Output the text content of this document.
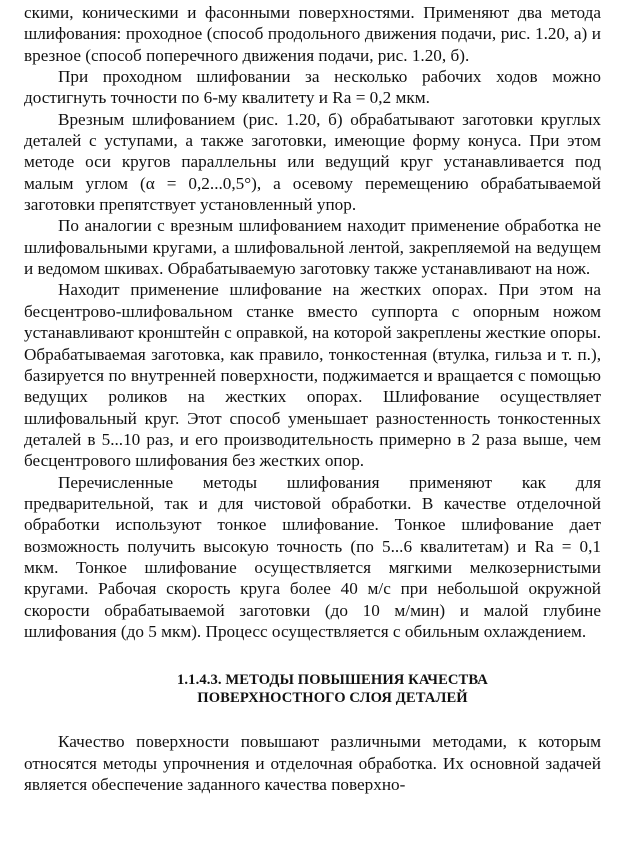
скими, коническими и фасонными поверхностями. Применяют два метода шлифования: проходное (способ продольного движения подачи, рис. 1.20, а) и врезное (способ поперечного движения подачи, рис. 1.20, б).

При проходном шлифовании за несколько рабочих ходов можно достигнуть точности по 6-му квалитету и Ra = 0,2 мкм.

Врезным шлифованием (рис. 1.20, б) обрабатывают заготовки круглых деталей с уступами, а также заготовки, имеющие форму конуса. При этом методе оси кругов параллельны или ведущий круг устанавливается под малым углом (α = 0,2...0,5°), а осевому перемещению обрабатываемой заготовки препятствует установленный упор.

По аналогии с врезным шлифованием находит применение обработка не шлифовальными кругами, а шлифовальной лентой, закрепляемой на ведущем и ведомом шкивах. Обрабатываемую заготовку также устанавливают на нож.

Находит применение шлифование на жестких опорах. При этом на бесцентрово-шлифовальном станке вместо суппорта с опорным ножом устанавливают кронштейн с оправкой, на которой закреплены жесткие опоры. Обрабатываемая заготовка, как правило, тонкостенная (втулка, гильза и т. п.), базируется по внутренней поверхности, поджимается и вращается с помощью ведущих роликов на жестких опорах. Шлифование осуществляет шлифовальный круг. Этот способ уменьшает разностенность тонкостенных деталей в 5...10 раз, и его производительность примерно в 2 раза выше, чем бесцентрового шлифования без жестких опор.

Перечисленные методы шлифования применяют как для предварительной, так и для чистовой обработки. В качестве отделочной обработки используют тонкое шлифование. Тонкое шлифование дает возможность получить высокую точность (по 5...6 квалитетам) и Ra = 0,1 мкм. Тонкое шлифование осуществляется мягкими мелкозернистыми кругами. Рабочая скорость круга более 40 м/с при небольшой окружной скорости обрабатываемой заготовки (до 10 м/мин) и малой глубине шлифования (до 5 мкм). Процесс осуществляется с обильным охлаждением.

1.1.4.3. МЕТОДЫ ПОВЫШЕНИЯ КАЧЕСТВА
ПОВЕРХНОСТНОГО СЛОЯ ДЕТАЛЕЙ

Качество поверхности повышают различными методами, к которым относятся методы упрочнения и отделочная обработка. Их основной задачей является обеспечение заданного качества поверхно-
